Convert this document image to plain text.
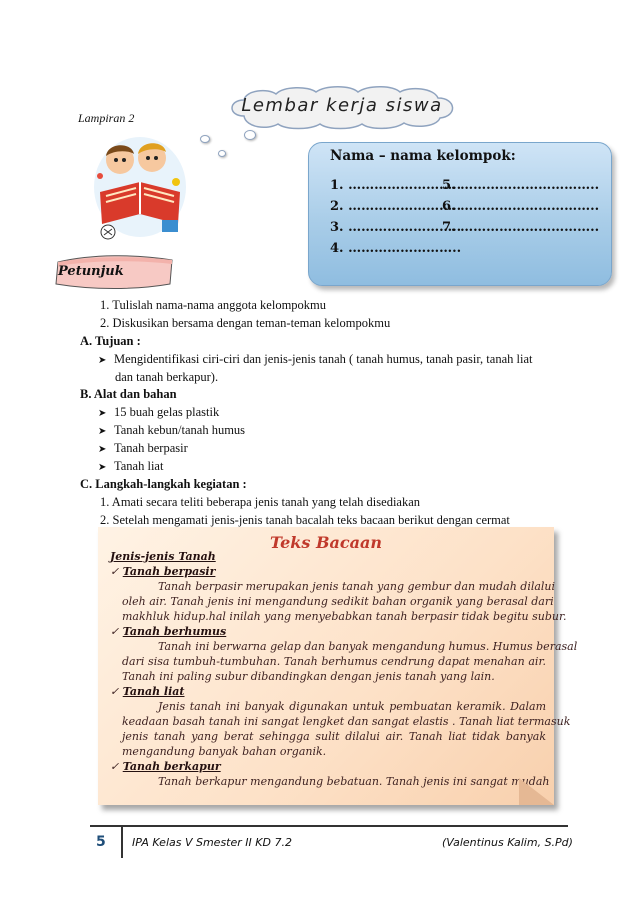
Lampiran 2
Lembar kerja siswa
Nama – nama kelompok:
1. ……………………..
2. ……………………..
3. ……………………..
4. ……………………..
5. …………………………..
6. …………………………..
7. …………………………..
Petunjuk
1. Tulislah nama-nama anggota kelompokmu
2. Diskusikan bersama dengan teman-teman kelompokmu
A. Tujuan :
➤ Mengidentifikasi ciri-ciri dan jenis-jenis tanah ( tanah humus, tanah pasir, tanah liat
dan tanah berkapur).
B. Alat dan bahan
➤ 15 buah gelas plastik
➤ Tanah kebun/tanah humus
➤ Tanah berpasir
➤ Tanah liat
C. Langkah-langkah kegiatan :
1. Amati secara teliti beberapa jenis tanah yang telah disediakan
2. Setelah mengamati jenis-jenis tanah bacalah teks bacaan berikut dengan cermat
Teks Bacaan
Jenis-jenis Tanah
✓ Tanah berpasir
Tanah berpasir merupakan jenis tanah yang gembur dan mudah dilalui
oleh air. Tanah jenis ini mengandung sedikit bahan organik yang berasal dari
makhluk hidup.hal inilah yang menyebabkan tanah berpasir tidak begitu subur.
✓ Tanah berhumus
Tanah ini berwarna gelap dan banyak mengandung humus. Humus berasal
dari sisa tumbuh-tumbuhan. Tanah berhumus cendrung dapat menahan air.
Tanah ini paling subur dibandingkan dengan jenis tanah yang lain.
✓ Tanah liat
Jenis tanah ini banyak digunakan untuk pembuatan keramik. Dalam
keadaan basah tanah ini sangat lengket dan sangat elastis . Tanah liat termasuk
jenis tanah yang berat sehingga sulit dilalui air. Tanah liat tidak banyak
mengandung banyak bahan organik.
✓ Tanah berkapur
Tanah berkapur mengandung bebatuan. Tanah jenis ini sangat mudah
5 IPA Kelas V Smester II KD 7.2	(Valentinus Kalim, S.Pd)
